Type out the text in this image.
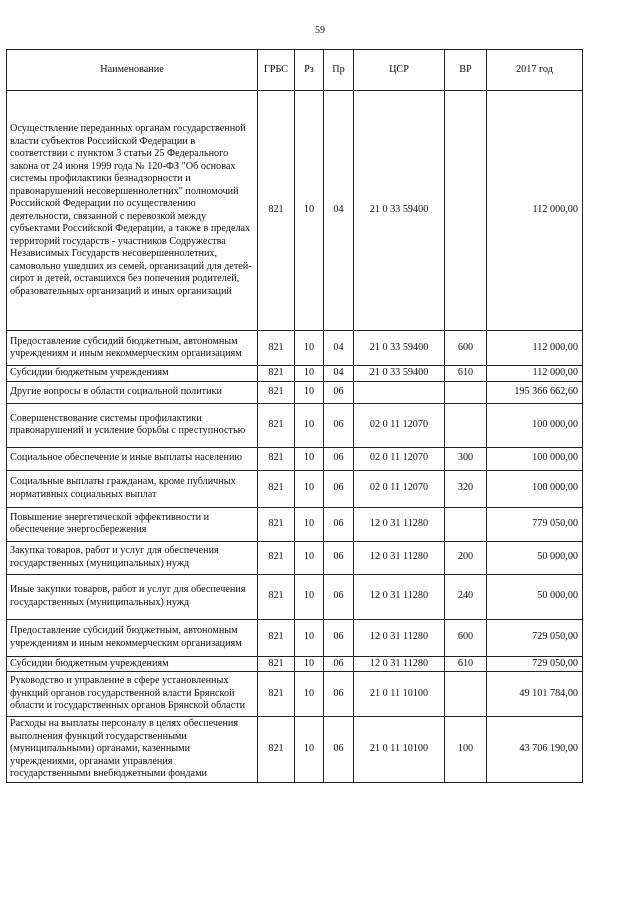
59
Наименование	ГРБС	Рз	Пр	ЦСР	ВР	2017 год
Осуществление переданных органам государственной власти субъектов Российской Федерации в соответствии с пунктом 3 статьи 25 Федерального закона от 24 июня 1999 года № 120-ФЗ "Об основах системы профилактики безнадзорности и правонарушений несовершеннолетних" полномочий Российской Федерации по осуществлению деятельности, связанной с перевозкой между субъектами Российской Федерации, а также в пределах территорий государств - участников Содружества Независимых Государств несовершеннолетних, самовольно ушедших из семей, организаций для детей-сирот и детей, оставшихся без попечения родителей, образовательных организаций и иных организаций	821	10	04	21 0 33 59400		112 000,00
Предоставление субсидий бюджетным, автономным учреждениям и иным некоммерческим организациям	821	10	04	21 0 33 59400	600	112 000,00
Субсидии бюджетным учреждениям	821	10	04	21 0 33 59400	610	112 000,00
Другие вопросы в области социальной политики	821	10	06			195 366 662,60
Совершенствование системы профилактики правонарушений и усиление борьбы с преступностью	821	10	06	02 0 11 12070		100 000,00
Социальное обеспечение и иные выплаты населению	821	10	06	02 0 11 12070	300	100 000,00
Социальные выплаты гражданам, кроме публичных нормативных социальных выплат	821	10	06	02 0 11 12070	320	100 000,00
Повышение энергетической эффективности и обеспечение энергосбережения	821	10	06	12 0 31 11280		779 050,00
Закупка товаров, работ и услуг для обеспечения государственных (муниципальных) нужд	821	10	06	12 0 31 11280	200	50 000,00
Иные закупки товаров, работ и услуг для обеспечения государственных (муниципальных) нужд	821	10	06	12 0 31 11280	240	50 000,00
Предоставление субсидий бюджетным, автономным учреждениям и иным некоммерческим организациям	821	10	06	12 0 31 11280	600	729 050,00
Субсидии бюджетным учреждениям	821	10	06	12 0 31 11280	610	729 050,00
Руководство и управление в сфере установленных функций органов государственной власти Брянской области и государственных органов Брянской области	821	10	06	21 0 11 10100		49 101 784,00
Расходы на выплаты персоналу в целях обеспечения выполнения функций государственными (муниципальными) органами, казенными учреждениями, органами управления государственными внебюджетными фондами	821	10	06	21 0 11 10100	100	43 706 190,00
